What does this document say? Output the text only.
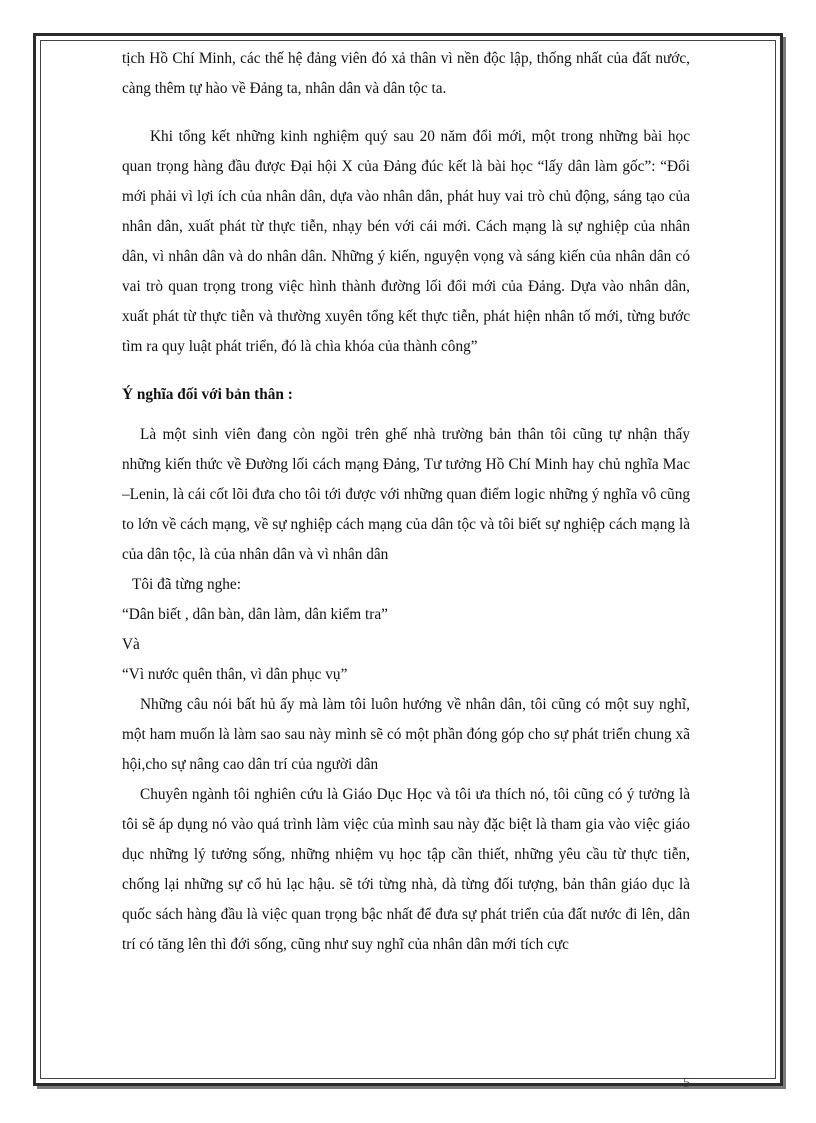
tịch Hồ Chí Minh, các thế hệ đảng viên đó xả thân vì nền độc lập, thống nhất của đất nước, càng thêm tự hào về Đảng ta, nhân dân và dân tộc ta.

Khi tổng kết những kinh nghiệm quý sau 20 năm đổi mới, một trong những bài học quan trọng hàng đầu được Đại hội X của Đảng đúc kết là bài học “lấy dân làm gốc”: “Đổi mới phải vì lợi ích của nhân dân, dựa vào nhân dân, phát huy vai trò chủ động, sáng tạo của nhân dân, xuất phát từ thực tiễn, nhạy bén với cái mới. Cách mạng là sự nghiệp của nhân dân, vì nhân dân và do nhân dân. Những ý kiến, nguyện vọng và sáng kiến của nhân dân có vai trò quan trọng trong việc hình thành đường lối đổi mới của Đảng. Dựa vào nhân dân, xuất phát từ thực tiễn và thường xuyên tổng kết thực tiễn, phát hiện nhân tố mới, từng bước tìm ra quy luật phát triển, đó là chìa khóa của thành công”

Ý nghĩa đối với bản thân :

Là một sinh viên đang còn ngồi trên ghế nhà trường bản thân tôi cũng tự nhận thấy những kiến thức về Đường lối cách mạng Đảng, Tư tưởng Hồ Chí Minh hay chủ nghĩa Mac –Lenin, là cái cốt lõi đưa cho tôi tới được với những quan điểm logic những ý nghĩa vô cũng to lớn về cách mạng, về sự nghiệp cách mạng của dân tộc và tôi biết sự nghiệp cách mạng là của dân tộc, là của nhân dân và vì nhân dân

Tôi đã từng nghe:

“Dân biết , dân bàn, dân làm, dân kiểm tra”

Và

“Vì nước quên thân, vì dân phục vụ”

Những câu nói bất hủ ấy mà làm tôi luôn hướng về nhân dân, tôi cũng có một suy nghĩ, một ham muốn là làm sao sau này mình sẽ có một phần đóng góp cho sự phát triển chung xã hội,cho sự nâng cao dân trí của người dân

Chuyên ngành tôi nghiên cứu là Giáo Dục Học và tôi ưa thích nó, tôi cũng có ý tưởng là tôi sẽ áp dụng nó vào quá trình làm việc của mình sau này đặc biệt là tham gia vào việc giáo dục những lý tưởng sống, những nhiệm vụ học tập cần thiết, những yêu cầu từ thực tiễn, chống lại những sự cổ hủ lạc hậu. sẽ tới từng nhà, dà từng đối tượng, bản thân giáo dục là quốc sách hàng đầu là việc quan trọng bậc nhất để đưa sự phát triển của đất nước đi lên, dân trí có tăng lên thì đới sống, cũng như suy nghĩ của nhân dân mới tích cực

5
